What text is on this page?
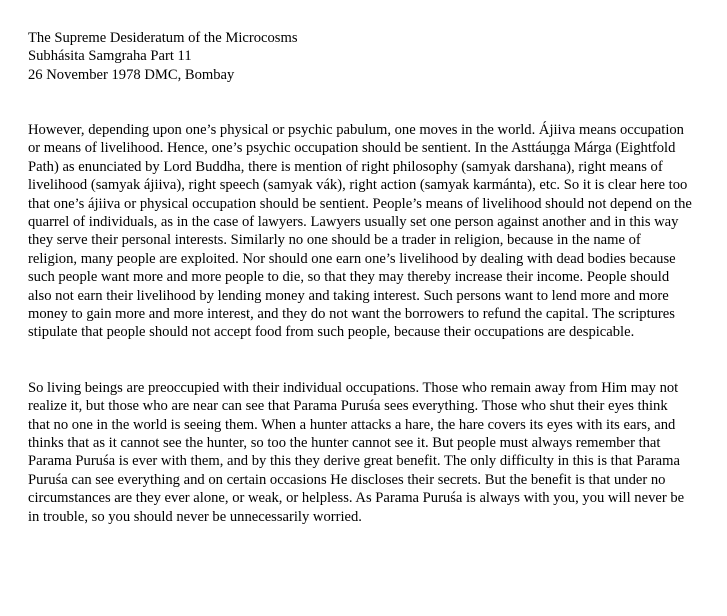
The Supreme Desideratum of the Microcosms
Subhásita Samgraha Part 11
26 November 1978 DMC, Bombay

However, depending upon one’s physical or psychic pabulum, one moves in the world. Ájiiva means occupation or means of livelihood. Hence, one’s psychic occupation should be sentient. In the Asttáuṋga Márga (Eightfold Path) as enunciated by Lord Buddha, there is mention of right philosophy (samyak darshana), right means of livelihood (samyak ájiiva), right speech (samyak vák), right action (samyak karmánta), etc. So it is clear here too that one’s ájiiva or physical occupation should be sentient. People’s means of livelihood should not depend on the quarrel of individuals, as in the case of lawyers. Lawyers usually set one person against another and in this way they serve their personal interests. Similarly no one should be a trader in religion, because in the name of religion, many people are exploited. Nor should one earn one’s livelihood by dealing with dead bodies because such people want more and more people to die, so that they may thereby increase their income. People should also not earn their livelihood by lending money and taking interest. Such persons want to lend more and more money to gain more and more interest, and they do not want the borrowers to refund the capital. The scriptures stipulate that people should not accept food from such people, because their occupations are despicable.

So living beings are preoccupied with their individual occupations. Those who remain away from Him may not realize it, but those who are near can see that Parama Puruśa sees everything. Those who shut their eyes think that no one in the world is seeing them. When a hunter attacks a hare, the hare covers its eyes with its ears, and thinks that as it cannot see the hunter, so too the hunter cannot see it. But people must always remember that Parama Puruśa is ever with them, and by this they derive great benefit. The only difficulty in this is that Parama Puruśa can see everything and on certain occasions He discloses their secrets. But the benefit is that under no circumstances are they ever alone, or weak, or helpless. As Parama Puruśa is always with you, you will never be in trouble, so you should never be unnecessarily worried.
